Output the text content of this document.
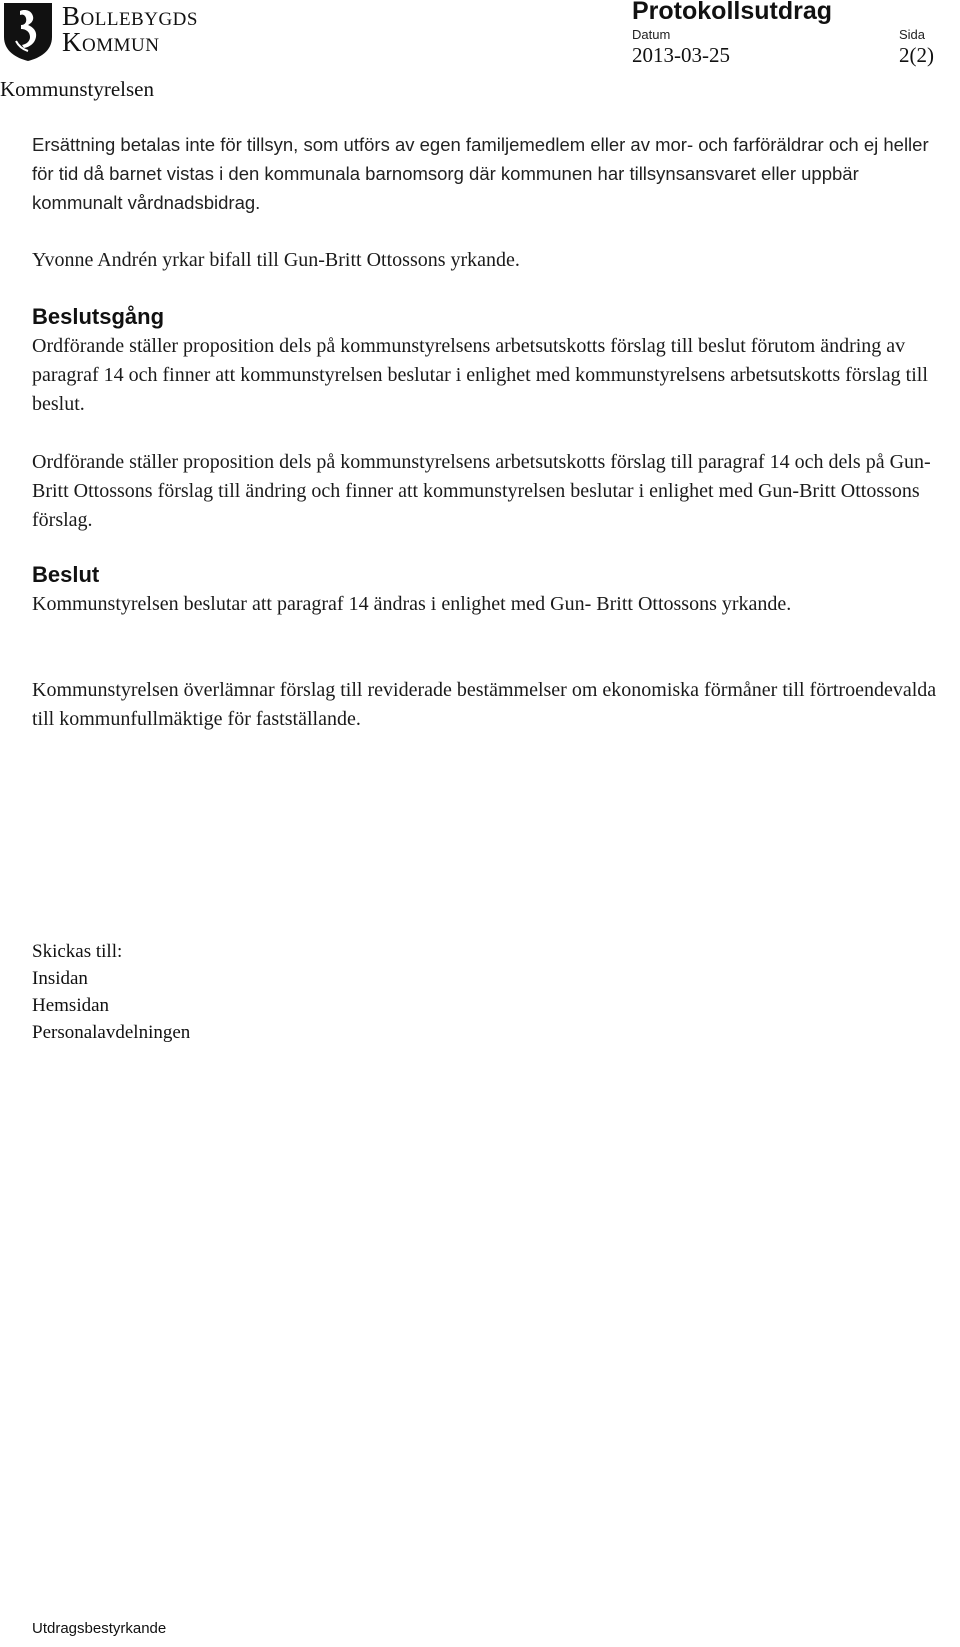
Bollebygds
Kommun
Protokollsutdrag
Datum	Sida
2013-03-25	2(2)
Kommunstyrelsen

Ersättning betalas inte för tillsyn, som utförs av egen familjemedlem eller av mor- och farföräldrar och ej heller för tid då barnet vistas i den kommunala barnomsorg där kommunen har tillsynsansvaret eller uppbär kommunalt vårdnadsbidrag.

Yvonne Andrén yrkar bifall till Gun-Britt Ottossons yrkande.

Beslutsgång

Ordförande ställer proposition dels på kommunstyrelsens arbetsutskotts förslag till beslut förutom ändring av paragraf 14 och finner att kommunstyrelsen beslutar i enlighet med kommunstyrelsens arbetsutskotts förslag till beslut.

Ordförande ställer proposition dels på kommunstyrelsens arbetsutskotts förslag till paragraf 14 och dels på Gun-Britt Ottossons förslag till ändring och finner att kommunstyrelsen beslutar i enlighet med Gun-Britt Ottossons förslag.

Beslut

Kommunstyrelsen beslutar att paragraf 14 ändras i enlighet med Gun- Britt Ottossons yrkande.

Kommunstyrelsen överlämnar förslag till reviderade bestämmelser om ekonomiska förmåner till förtroendevalda till kommunfullmäktige för fastställande.

Skickas till:
Insidan
Hemsidan
Personalavdelningen
Utdragsbestyrkande
